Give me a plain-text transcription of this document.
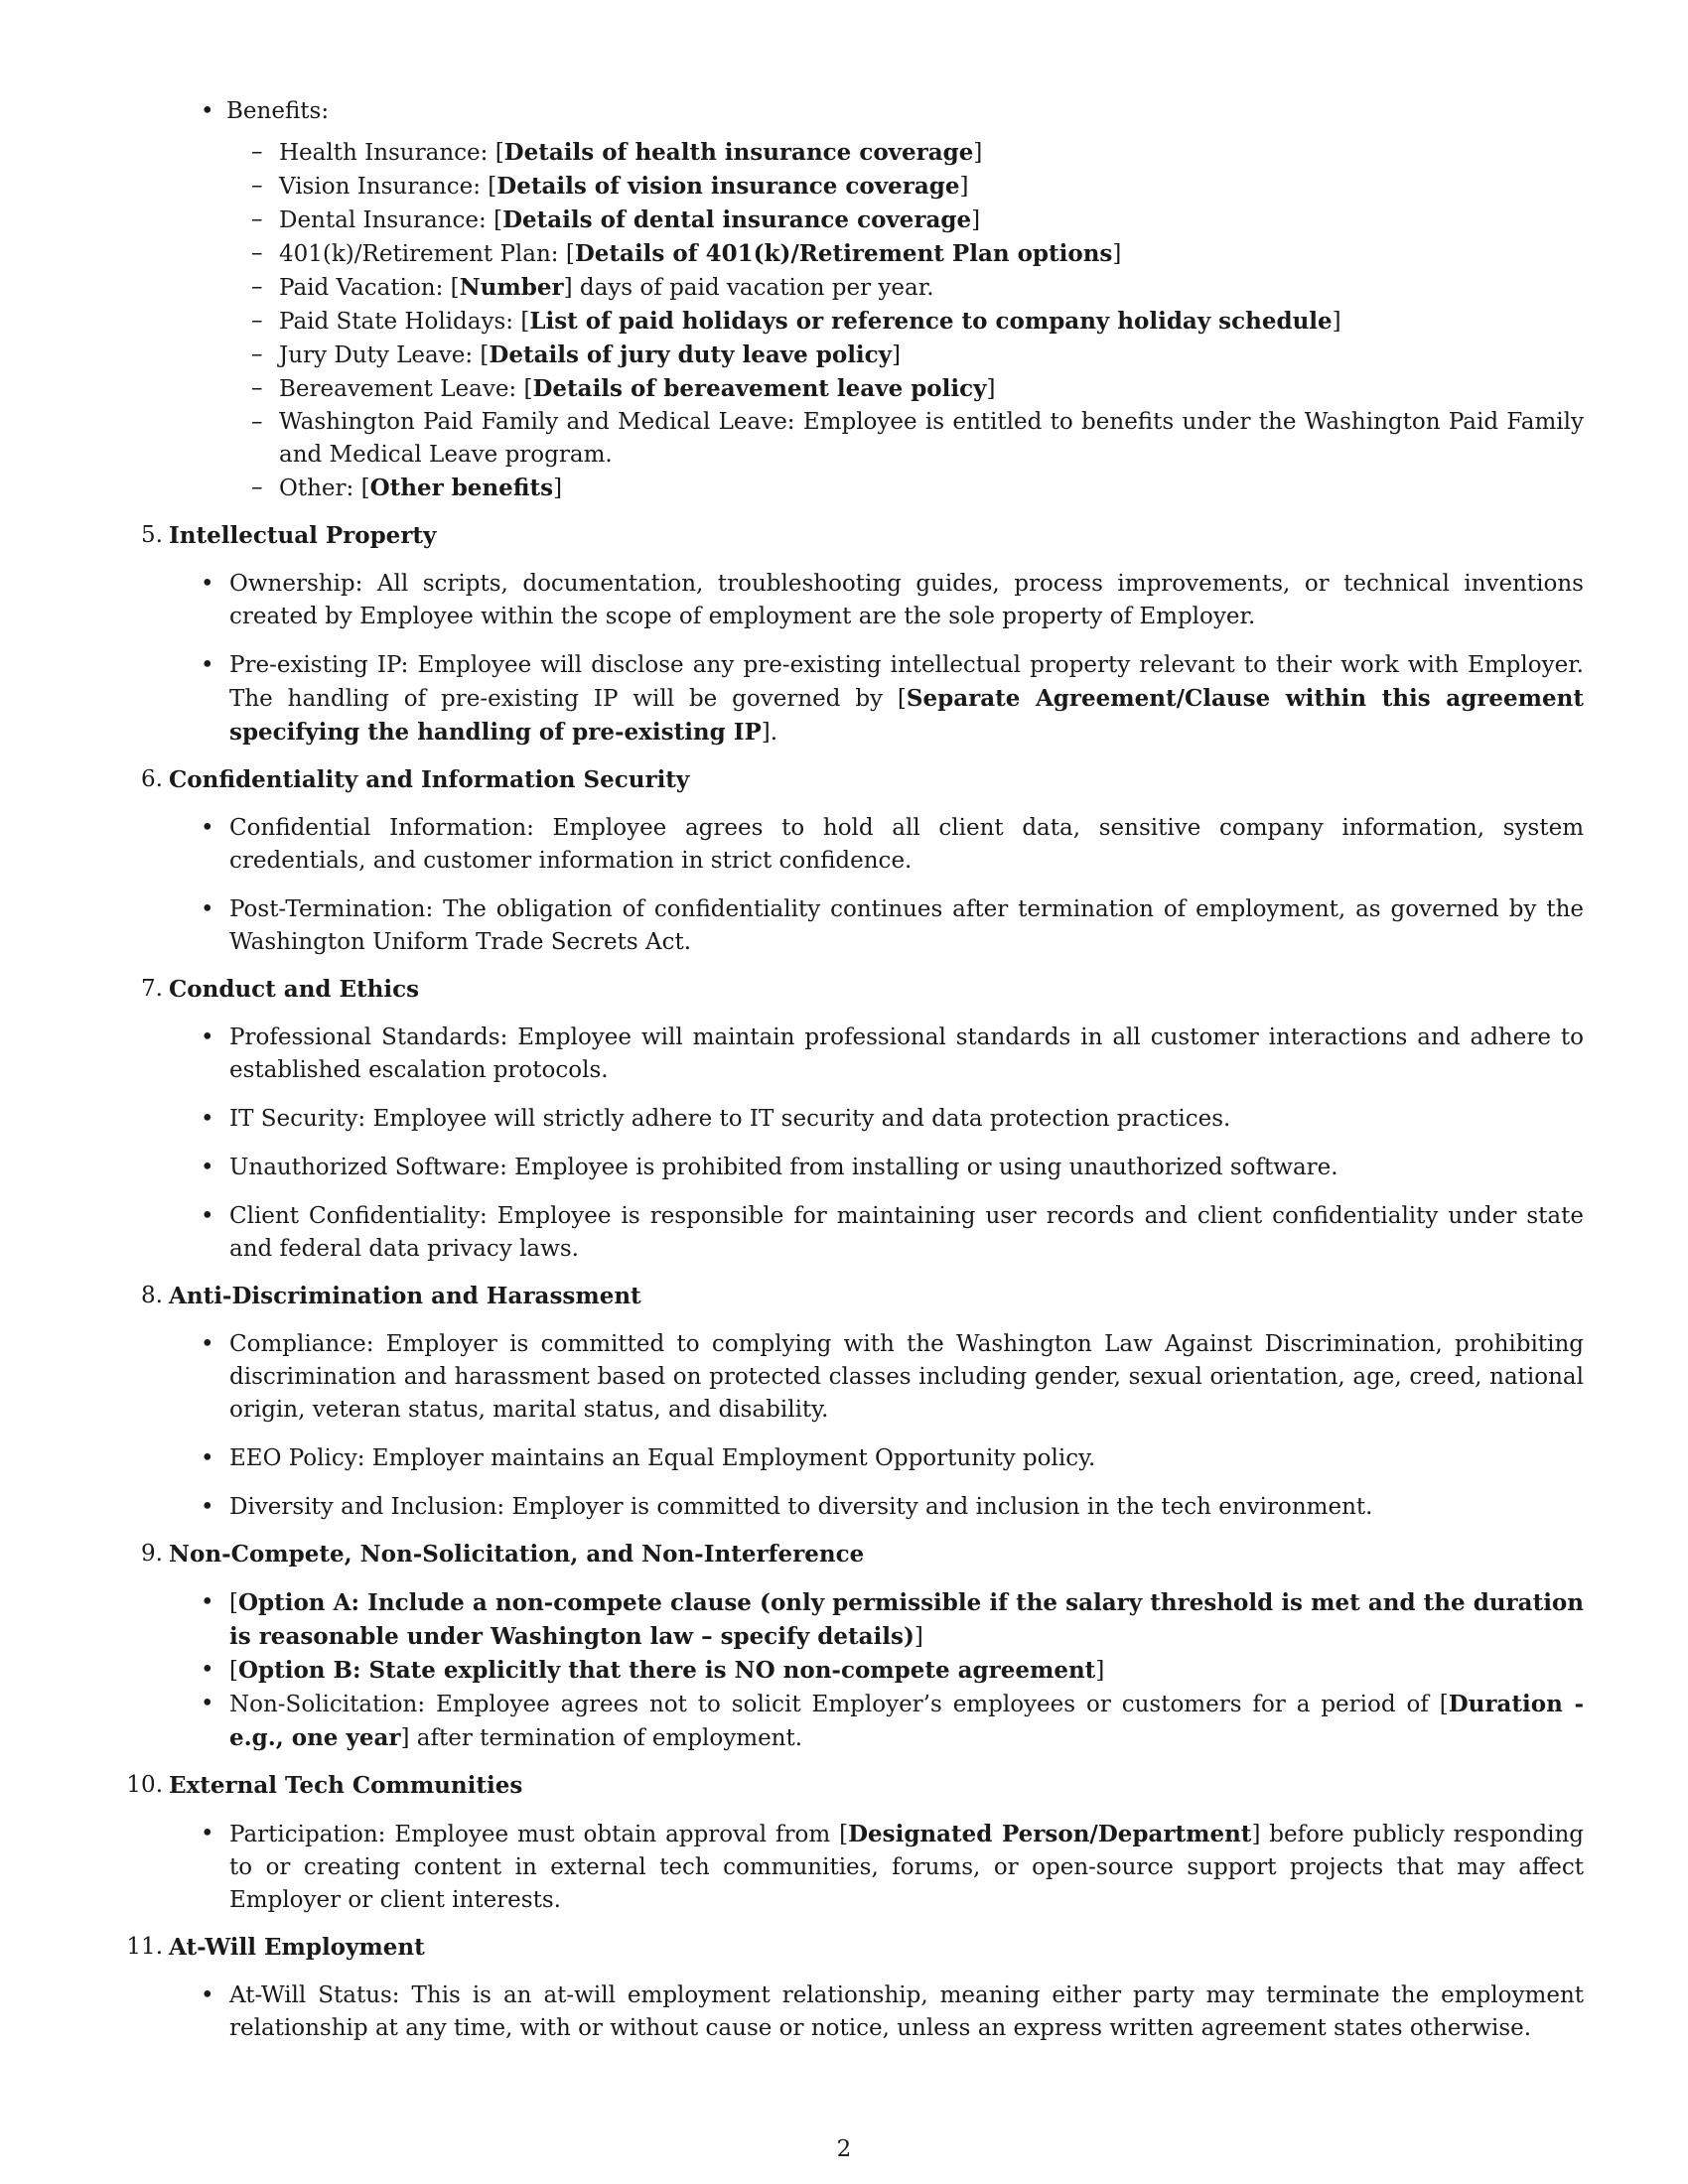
• Benefits:
– Health Insurance: [Details of health insurance coverage]
– Vision Insurance: [Details of vision insurance coverage]
– Dental Insurance: [Details of dental insurance coverage]
– 401(k)/Retirement Plan: [Details of 401(k)/Retirement Plan options]
– Paid Vacation: [Number] days of paid vacation per year.
– Paid State Holidays: [List of paid holidays or reference to company holiday schedule]
– Jury Duty Leave: [Details of jury duty leave policy]
– Bereavement Leave: [Details of bereavement leave policy]
– Washington Paid Family and Medical Leave: Employee is entitled to benefits under the Washington Paid Family and Medical Leave program.
– Other: [Other benefits]
5. Intellectual Property
• Ownership: All scripts, documentation, troubleshooting guides, process improvements, or technical inventions created by Employee within the scope of employment are the sole property of Employer.
• Pre-existing IP: Employee will disclose any pre-existing intellectual property relevant to their work with Employer. The handling of pre-existing IP will be governed by [Separate Agreement/Clause within this agreement specifying the handling of pre-existing IP].
6. Confidentiality and Information Security
• Confidential Information: Employee agrees to hold all client data, sensitive company information, system credentials, and customer information in strict confidence.
• Post-Termination: The obligation of confidentiality continues after termination of employment, as governed by the Washington Uniform Trade Secrets Act.
7. Conduct and Ethics
• Professional Standards: Employee will maintain professional standards in all customer interactions and adhere to established escalation protocols.
• IT Security: Employee will strictly adhere to IT security and data protection practices.
• Unauthorized Software: Employee is prohibited from installing or using unauthorized software.
• Client Confidentiality: Employee is responsible for maintaining user records and client confidentiality under state and federal data privacy laws.
8. Anti-Discrimination and Harassment
• Compliance: Employer is committed to complying with the Washington Law Against Discrimination, prohibiting discrimination and harassment based on protected classes including gender, sexual orientation, age, creed, national origin, veteran status, marital status, and disability.
• EEO Policy: Employer maintains an Equal Employment Opportunity policy.
• Diversity and Inclusion: Employer is committed to diversity and inclusion in the tech environment.
9. Non-Compete, Non-Solicitation, and Non-Interference
• [Option A: Include a non-compete clause (only permissible if the salary threshold is met and the duration is reasonable under Washington law – specify details)]
• [Option B: State explicitly that there is NO non-compete agreement]
• Non-Solicitation: Employee agrees not to solicit Employer’s employees or customers for a period of [Duration - e.g., one year] after termination of employment.
10. External Tech Communities
• Participation: Employee must obtain approval from [Designated Person/Department] before publicly responding to or creating content in external tech communities, forums, or open-source support projects that may affect Employer or client interests.
11. At-Will Employment
• At-Will Status: This is an at-will employment relationship, meaning either party may terminate the employment relationship at any time, with or without cause or notice, unless an express written agreement states otherwise.
2
